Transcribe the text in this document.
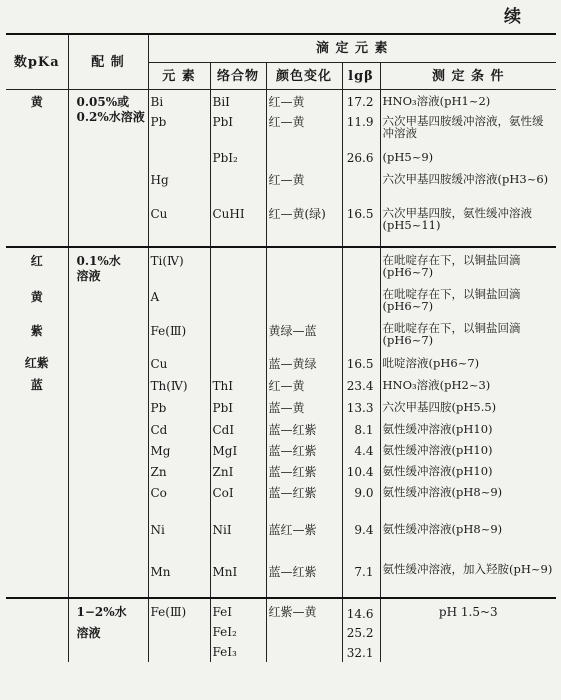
续
数pKa	配 制	滴 定 元 素				
		元 素	络合物	颜色变化	lgβ	测 定 条 件
黄	0.05%或
0.2%水溶液	Bi	BiI	红—黄	17.2	HNO₃溶液(pH1~2)
		Pb	PbI	红—黄	11.9	六次甲基四胺缓冲溶液，氨性缓冲溶液
			PbI₂		26.6	(pH5~9)
		Hg		红—黄		六次甲基四胺缓冲溶液(pH3~6)
		Cu	CuHI	红—黄(绿)	16.5	六次甲基四胺，氨性缓冲溶液(pH5~11)
红	0.1%水
溶液	Ti(Ⅳ)				在吡啶存在下，以铜盐回滴(pH6~7)
黄		A				在吡啶存在下，以铜盐回滴(pH6~7)
紫		Fe(Ⅲ)		黄绿—蓝		在吡啶存在下，以铜盐回滴(pH6~7)
红紫		Cu		蓝—黄绿	16.5	吡啶溶液(pH6~7)
蓝		Th(Ⅳ)	ThI	红—黄	23.4	HNO₃溶液(pH2~3)
		Pb	PbI	蓝—黄	13.3	六次甲基四胺(pH5.5)
		Cd	CdI	蓝—红紫	8.1	氨性缓冲溶液(pH10)
		Mg	MgI	蓝—红紫	4.4	氨性缓冲溶液(pH10)
		Zn	ZnI	蓝—红紫	10.4	氨性缓冲溶液(pH10)
		Co	CoI	蓝—红紫	9.0	氨性缓冲溶液(pH8~9)
		Ni	NiI	蓝红—紫	9.4	氨性缓冲溶液(pH8~9)
		Mn	MnI	蓝—红紫	7.1	氨性缓冲溶液，加入羟胺(pH~9)

	1−2%水
溶液	Fe(Ⅲ)	FeI	红紫—黄	14.6	pH 1.5~3
			FeI₂		25.2	
			FeI₃		32.1	
